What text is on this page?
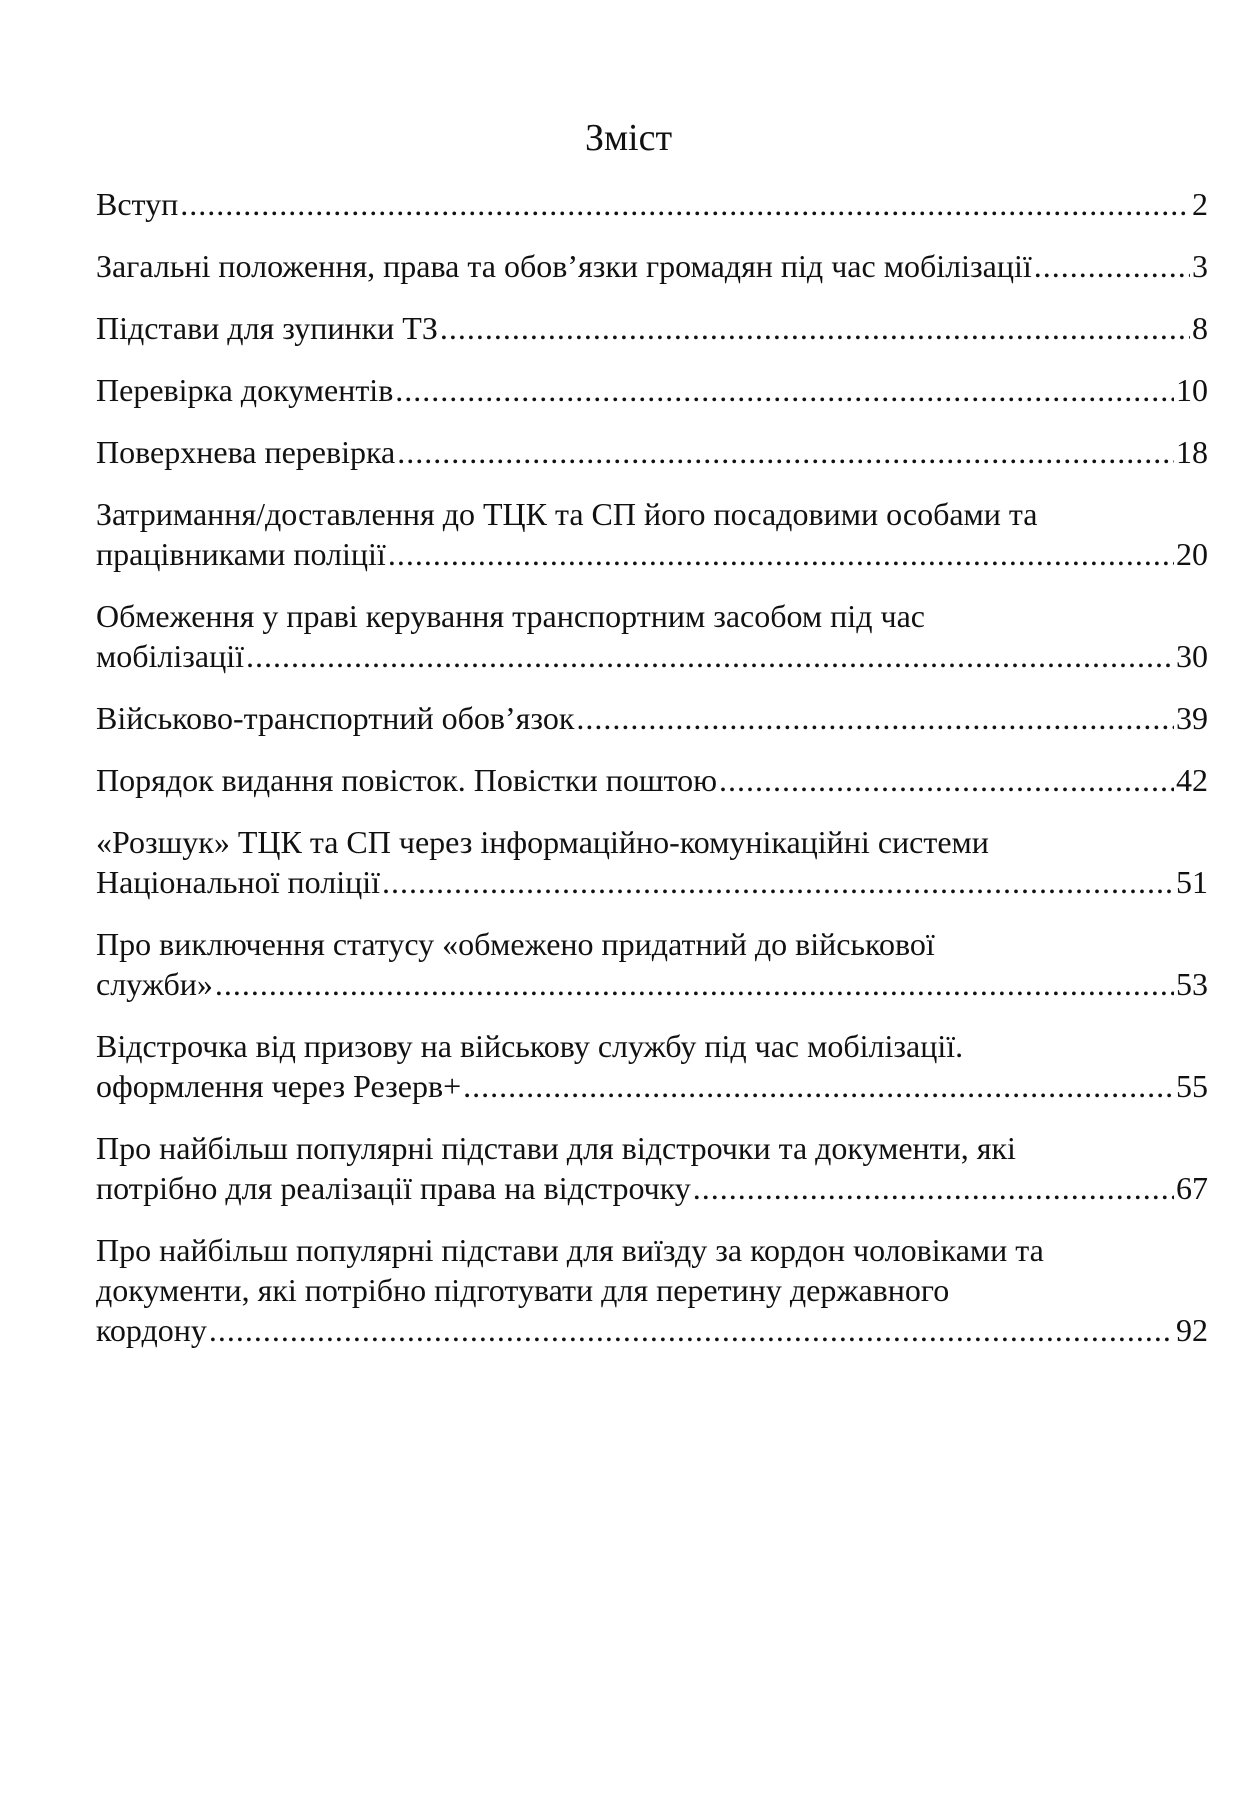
Зміст
Вступ .....	2
Загальні положення, права та обов’язки громадян під час мобілізації .....	3
Підстави для зупинки ТЗ .....	8
Перевірка документів .....	10
Поверхнева перевірка .....	18
Затримання/доставлення до ТЦК та СП його посадовими особами та
працівниками поліції .....	20
Обмеження у праві керування транспортним засобом під час
мобілізації .....	30
Військово-транспортний обов’язок .....	39
Порядок видання повісток. Повістки поштою .....	42
«Розшук» ТЦК та СП через інформаційно-комунікаційні системи
Національної поліції .....	51
Про виключення статусу «обмежено придатний до військової
служби» .....	53
Відстрочка від призову на військову службу під час мобілізації.
оформлення через Резерв+ .....	55
Про найбільш популярні підстави для відстрочки та документи, які
потрібно для реалізації права на відстрочку .....	67
Про найбільш популярні підстави для виїзду за кордон чоловіками та
документи, які потрібно підготувати для перетину державного
кордону .....	92
